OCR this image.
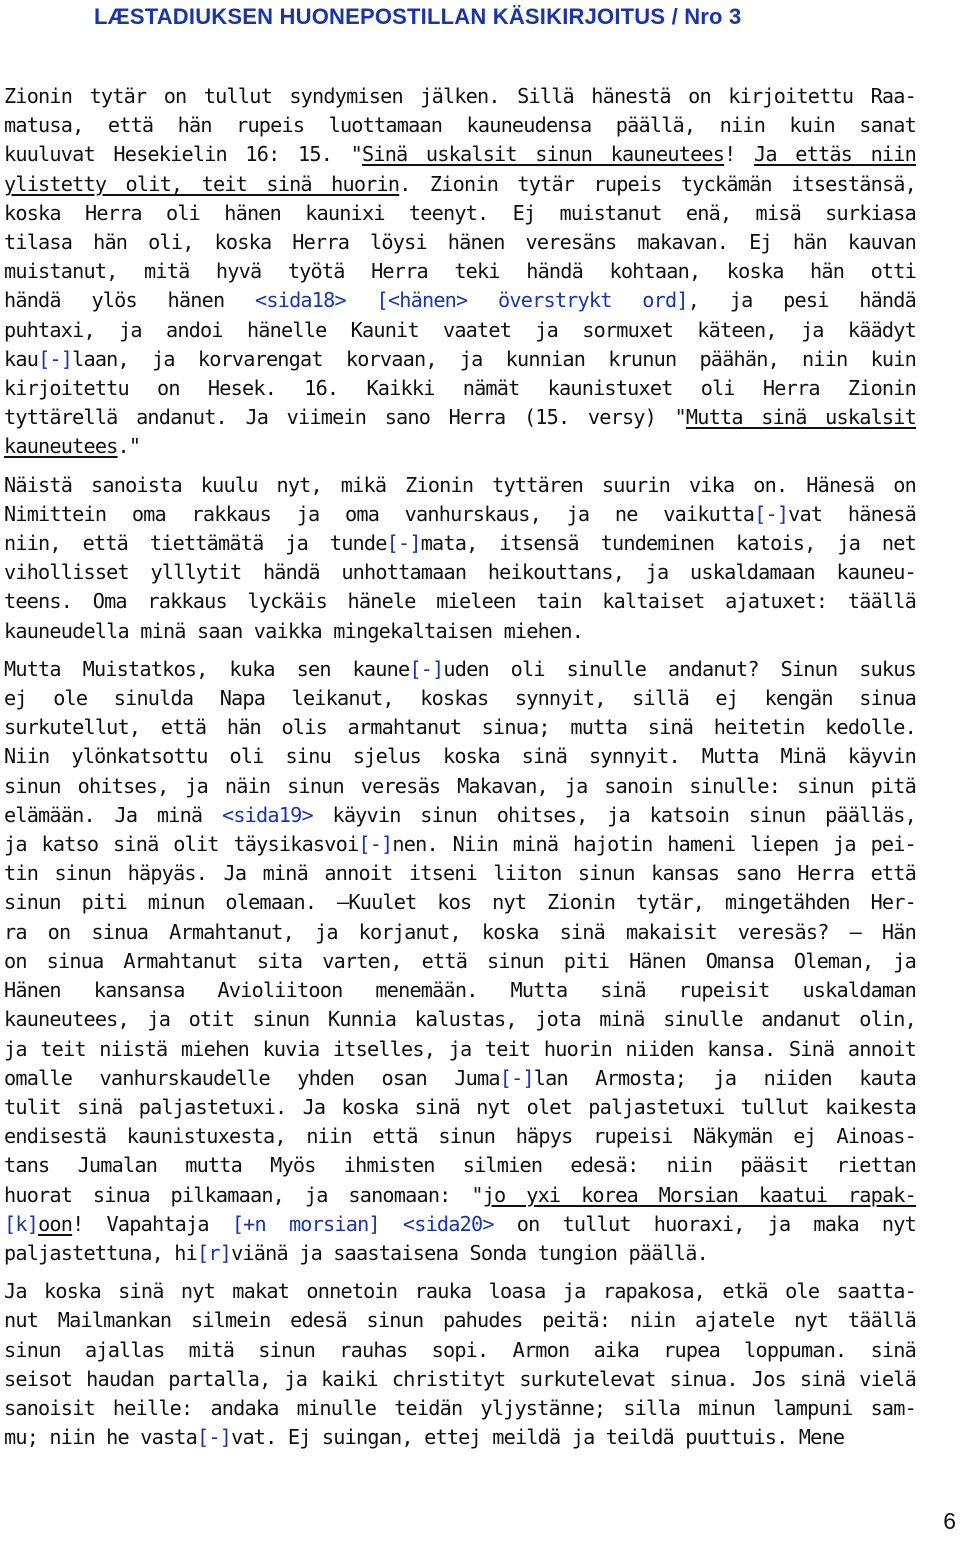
LÆSTADIUKSEN HUONEPOSTILLAN KÄSIKIRJOITUS / Nro 3

Zionin tytär on tullut syndymisen jälken. Sillä hänestä on kirjoitettu Raa-
matusa, että hän rupeis luottamaan kauneudensa päällä, niin kuin sanat
kuuluvat Hesekielin 16: 15. "Sinä uskalsit sinun kauneutees! Ja ettäs niin
ylistetty olit, teit sinä huorin. Zionin tytär rupeis tyckämän itsestänsä,
koska Herra oli hänen kaunixi teenyt. Ej muistanut enä, misä surkiasa
tilasa hän oli, koska Herra löysi hänen veresäns makavan. Ej hän kauvan
muistanut, mitä hyvä työtä Herra teki händä kohtaan, koska hän otti
händä ylös hänen <sida18> [<hänen> överstrykt ord], ja pesi händä
puhtaxi, ja andoi hänelle Kaunit vaatet ja sormuxet käteen, ja käädyt
kau[-]laan, ja korvarengat korvaan, ja kunnian krunun päähän, niin kuin
kirjoitettu on Hesek. 16. Kaikki nämät kaunistuxet oli Herra Zionin
tyttärellä andanut. Ja viimein sano Herra (15. versy) "Mutta sinä uskalsit
kauneutees."

Näistä sanoista kuulu nyt, mikä Zionin tyttären suurin vika on. Hänesä on
Nimittein oma rakkaus ja oma vanhurskaus, ja ne vaikutta[-]vat hänesä
niin, että tiettämätä ja tunde[-]mata, itsensä tundeminen katois, ja net
vihollisset ylllytit händä unhottamaan heikouttans, ja uskaldamaan kauneu-
teens. Oma rakkaus lyckäis hänele mieleen tain kaltaiset ajatuxet: täällä
kauneudella minä saan vaikka mingekaltaisen miehen.

Mutta Muistatkos, kuka sen kaune[-]uden oli sinulle andanut? Sinun sukus
ej ole sinulda Napa leikanut, koskas synnyit, sillä ej kengän sinua
surkutellut, että hän olis armahtanut sinua; mutta sinä heitetin kedolle.
Niin ylönkatsottu oli sinu sjelus koska sinä synnyit. Mutta Minä käyvin
sinun ohitses, ja näin sinun veresäs Makavan, ja sanoin sinulle: sinun pitä
elämään. Ja minä <sida19> käyvin sinun ohitses, ja katsoin sinun päälläs,
ja katso sinä olit täysikasvoi[-]nen. Niin minä hajotin hameni liepen ja pei-
tin sinun häpyäs. Ja minä annoit itseni liiton sinun kansas sano Herra että
sinun piti minun olemaan. —Kuulet kos nyt Zionin tytär, mingetähden Her-
ra on sinua Armahtanut, ja korjanut, koska sinä makaisit veresäs? — Hän
on sinua Armahtanut sita varten, että sinun piti Hänen Omansa Oleman, ja
Hänen kansansa Avioliitoon menemään. Mutta sinä rupeisit uskaldaman
kauneutees, ja otit sinun Kunnia kalustas, jota minä sinulle andanut olin,
ja teit niistä miehen kuvia itselles, ja teit huorin niiden kansa. Sinä annoit
omalle vanhurskaudelle yhden osan Juma[-]lan Armosta; ja niiden kauta
tulit sinä paljastetuxi. Ja koska sinä nyt olet paljastetuxi tullut kaikesta
endisestä kaunistuxesta, niin että sinun häpys rupeisi Näkymän ej Ainoas-
tans Jumalan mutta Myös ihmisten silmien edesä: niin pääsit riettan
huorat sinua pilkamaan, ja sanomaan: "jo yxi korea Morsian kaatui rapak-
[k]oon! Vapahtaja [+n morsian] <sida20> on tullut huoraxi, ja maka nyt
paljastettuna, hi[r]viänä ja saastaisena Sonda tungion päällä.

Ja koska sinä nyt makat onnetoin rauka loasa ja rapakosa, etkä ole saatta-
nut Mailmankan silmein edesä sinun pahudes peitä: niin ajatele nyt täällä
sinun ajallas mitä sinun rauhas sopi. Armon aika rupea loppuman. sinä
seisot haudan partalla, ja kaiki christityt surkutelevat sinua. Jos sinä vielä
sanoisit heille: andaka minulle teidän yljystänne; silla minun lampuni sam-
mu; niin he vasta[-]vat. Ej suingan, ettej meildä ja teildä puuttuis. Mene

6
